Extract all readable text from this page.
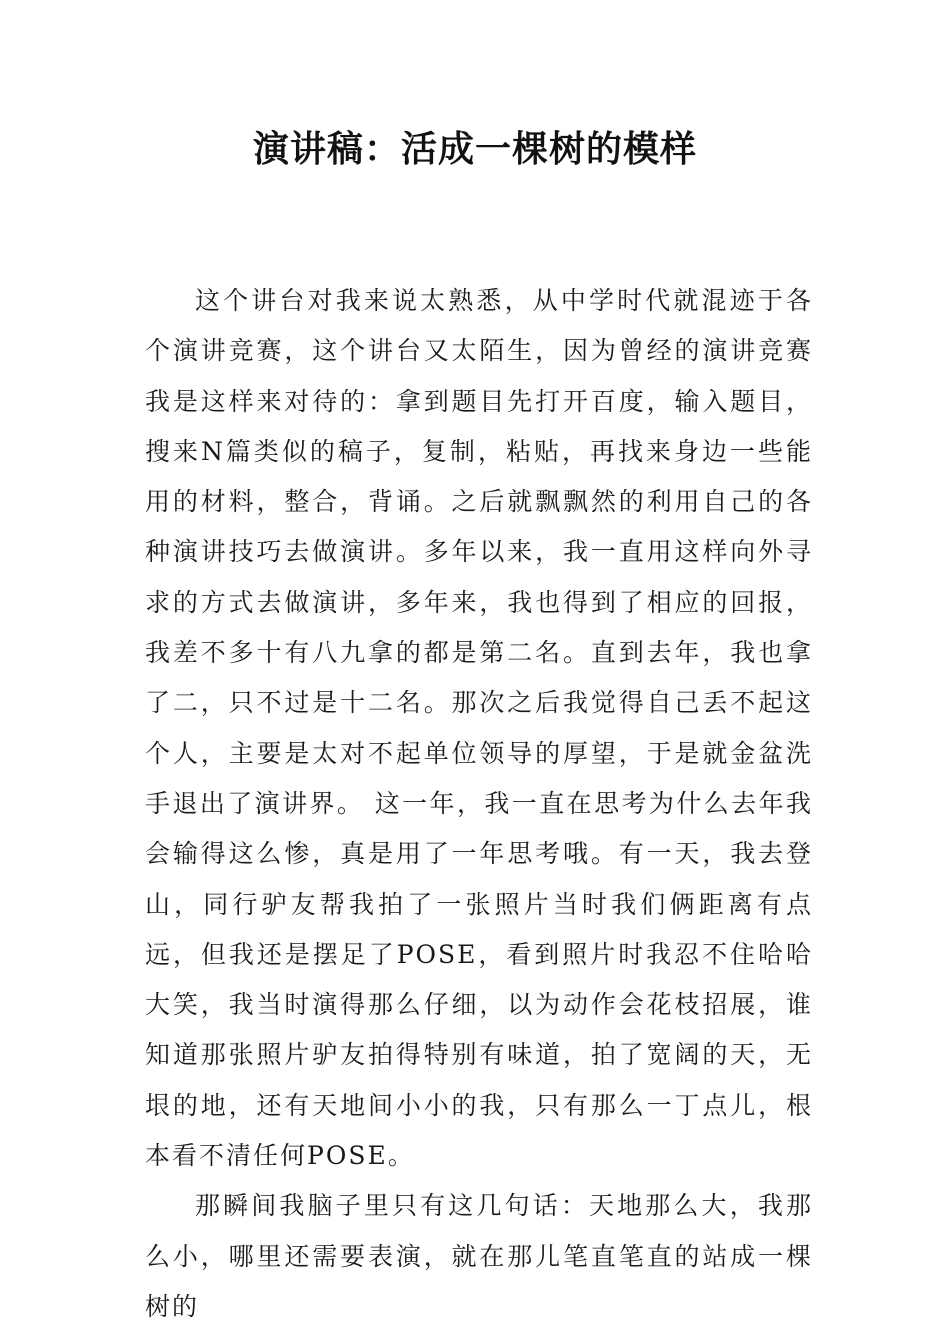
演讲稿：活成一棵树的模样

这个讲台对我来说太熟悉，从中学时代就混迹于各个演讲竞赛，这个讲台又太陌生，因为曾经的演讲竞赛我是这样来对待的：拿到题目先打开百度，输入题目，搜来N篇类似的稿子，复制，粘贴，再找来身边一些能用的材料，整合，背诵。之后就飘飘然的利用自己的各种演讲技巧去做演讲。多年以来，我一直用这样向外寻求的方式去做演讲，多年来，我也得到了相应的回报，我差不多十有八九拿的都是第二名。直到去年，我也拿了二，只不过是十二名。那次之后我觉得自己丢不起这个人，主要是太对不起单位领导的厚望，于是就金盆洗手退出了演讲界。 这一年，我一直在思考为什么去年我会输得这么惨，真是用了一年思考哦。有一天，我去登山，同行驴友帮我拍了一张照片当时我们俩距离有点远，但我还是摆足了POSE，看到照片时我忍不住哈哈大笑，我当时演得那么仔细，以为动作会花枝招展，谁知道那张照片驴友拍得特别有味道，拍了宽阔的天，无垠的地，还有天地间小小的我，只有那么一丁点儿，根本看不清任何POSE。

那瞬间我脑子里只有这几句话：天地那么大，我那么小，哪里还需要表演，就在那儿笔直笔直的站成一棵树的
